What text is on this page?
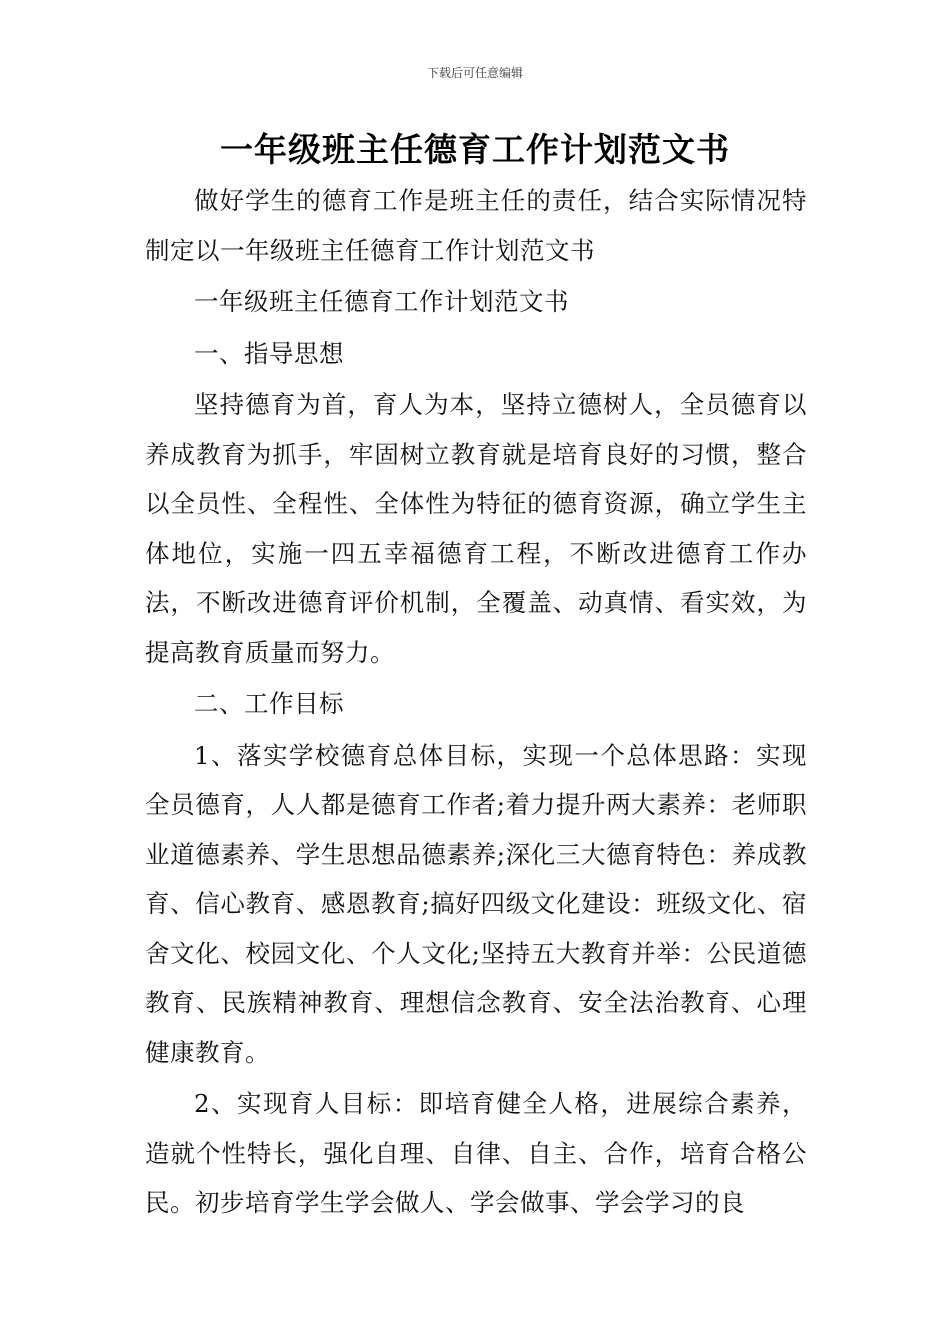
下载后可任意编辑
一年级班主任德育工作计划范文书

做好学生的德育工作是班主任的责任，结合实际情况特制定以一年级班主任德育工作计划范文书

一年级班主任德育工作计划范文书

一、指导思想

坚持德育为首，育人为本，坚持立德树人，全员德育以养成教育为抓手，牢固树立教育就是培育良好的习惯，整合以全员性、全程性、全体性为特征的德育资源，确立学生主体地位，实施一四五幸福德育工程，不断改进德育工作办法，不断改进德育评价机制，全覆盖、动真情、看实效，为提高教育质量而努力。

二、工作目标

1、落实学校德育总体目标，实现一个总体思路：实现全员德育，人人都是德育工作者;着力提升两大素养：老师职业道德素养、学生思想品德素养;深化三大德育特色：养成教育、信心教育、感恩教育;搞好四级文化建设：班级文化、宿舍文化、校园文化、个人文化;坚持五大教育并举：公民道德教育、民族精神教育、理想信念教育、安全法治教育、心理健康教育。

2、实现育人目标：即培育健全人格，进展综合素养，造就个性特长，强化自理、自律、自主、合作，培育合格公民。初步培育学生学会做人、学会做事、学会学习的良
